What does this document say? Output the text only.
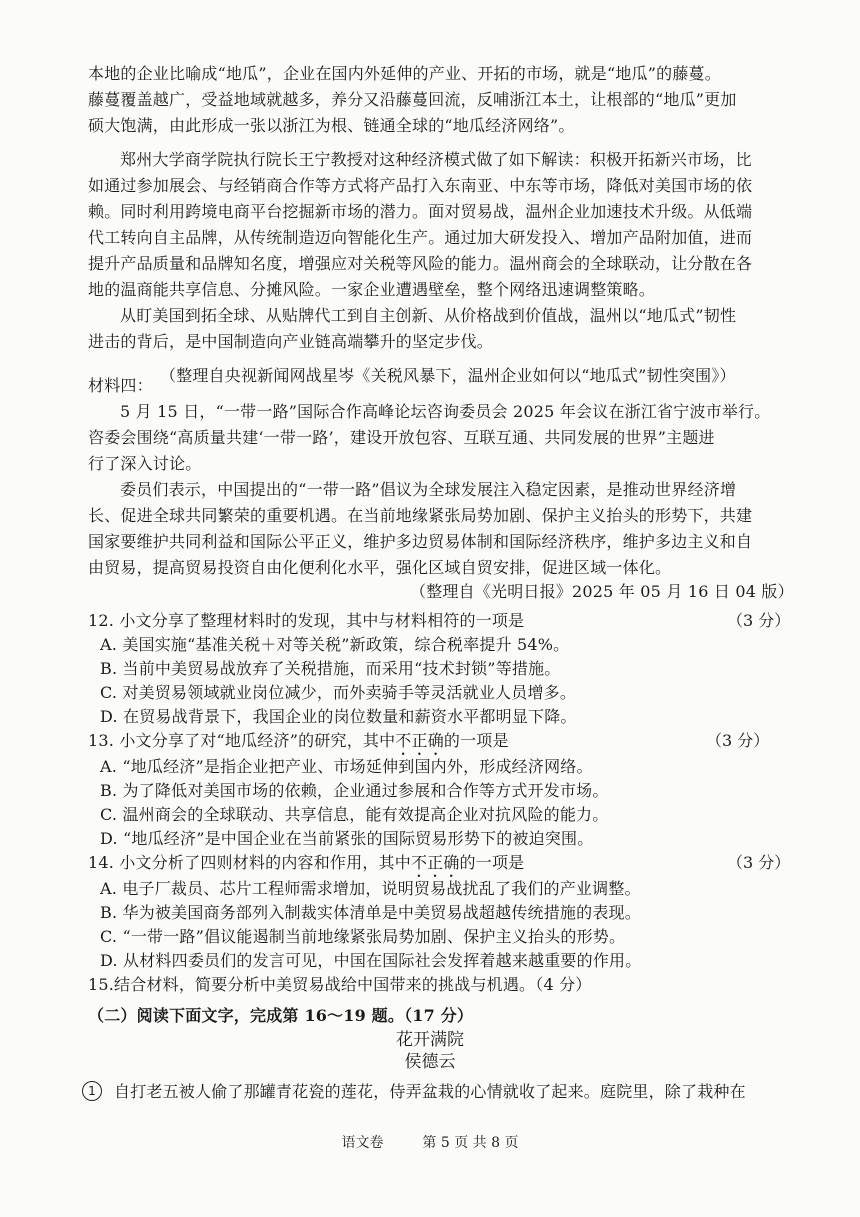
本地的企业比喻成“地瓜”，企业在国内外延伸的产业、开拓的市场，就是“地瓜”的藤蔓。
藤蔓覆盖越广，受益地域就越多，养分又沿藤蔓回流，反哺浙江本土，让根部的“地瓜”更加
硕大饱满，由此形成一张以浙江为根、链通全球的“地瓜经济网络”。
郑州大学商学院执行院长王宁教授对这种经济模式做了如下解读：积极开拓新兴市场，比
如通过参加展会、与经销商合作等方式将产品打入东南亚、中东等市场，降低对美国市场的依
赖。同时利用跨境电商平台挖掘新市场的潜力。面对贸易战，温州企业加速技术升级。从低端
代工转向自主品牌，从传统制造迈向智能化生产。通过加大研发投入、增加产品附加值，进而
提升产品质量和品牌知名度，增强应对关税等风险的能力。温州商会的全球联动，让分散在各
地的温商能共享信息、分摊风险。一家企业遭遇壁垒，整个网络迅速调整策略。
从盯美国到拓全球、从贴牌代工到自主创新、从价格战到价值战，温州以“地瓜式”韧性
进击的背后，是中国制造向产业链高端攀升的坚定步伐。
（整理自央视新闻网战星岑《关税风暴下，温州企业如何以“地瓜式”韧性突围》）
材料四：
5 月 15 日，“一带一路”国际合作高峰论坛咨询委员会 2025 年会议在浙江省宁波市举行。
咨委会围绕“高质量共建‘一带一路’，建设开放包容、互联互通、共同发展的世界”主题进
行了深入讨论。
委员们表示，中国提出的“一带一路”倡议为全球发展注入稳定因素，是推动世界经济增
长、促进全球共同繁荣的重要机遇。在当前地缘紧张局势加剧、保护主义抬头的形势下，共建
国家要维护共同利益和国际公平正义，维护多边贸易体制和国际经济秩序，维护多边主义和自
由贸易，提高贸易投资自由化便利化水平，强化区域自贸安排，促进区域一体化。
（整理自《光明日报》2025 年 05 月 16 日 04 版）
12. 小文分享了整理材料时的发现，其中与材料相符的一项是	（3 分）
A. 美国实施“基准关税＋对等关税”新政策，综合税率提升 54%。
B. 当前中美贸易战放弃了关税措施，而采用“技术封锁”等措施。
C. 对美贸易领域就业岗位减少，而外卖骑手等灵活就业人员增多。
D. 在贸易战背景下，我国企业的岗位数量和薪资水平都明显下降。
13. 小文分享了对“地瓜经济”的研究，其中不正确的一项是	（3 分）
A. “地瓜经济”是指企业把产业、市场延伸到国内外，形成经济网络。
B. 为了降低对美国市场的依赖，企业通过参展和合作等方式开发市场。
C. 温州商会的全球联动、共享信息，能有效提高企业对抗风险的能力。
D. “地瓜经济”是中国企业在当前紧张的国际贸易形势下的被迫突围。
14. 小文分析了四则材料的内容和作用，其中不正确的一项是	（3 分）
A. 电子厂裁员、芯片工程师需求增加，说明贸易战扰乱了我们的产业调整。
B. 华为被美国商务部列入制裁实体清单是中美贸易战超越传统措施的表现。
C. “一带一路”倡议能遏制当前地缘紧张局势加剧、保护主义抬头的形势。
D. 从材料四委员们的发言可见，中国在国际社会发挥着越来越重要的作用。
15.结合材料，简要分析中美贸易战给中国带来的挑战与机遇。（4 分）
（二）阅读下面文字，完成第 16～19 题。（17 分）
花开满院
侯德云
语文卷	第 5 页 共 8 页
1 自打老五被人偷了那罐青花瓷的莲花，侍弄盆栽的心情就收了起来。庭院里，除了栽种在
